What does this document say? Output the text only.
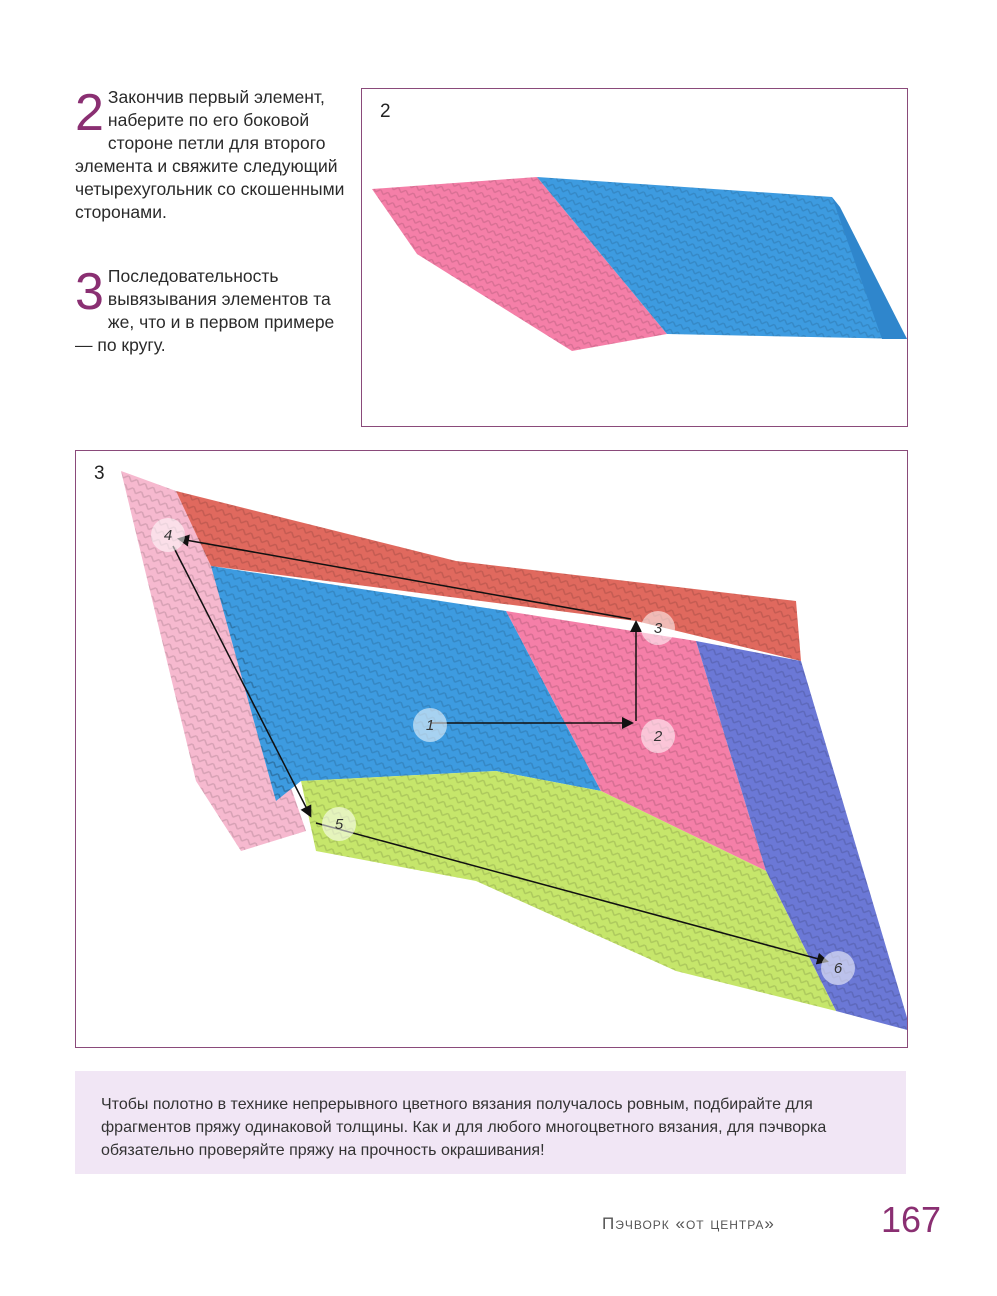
2 Закончив первый элемент, наберите по его боковой стороне петли для второго элемента и свяжите следующий четырехугольник со скошенными сторонами.
3 Последовательность вывязывания элементов та же, что и в первом примере — по кругу.
2
1
2
3
4
5
6
3
Чтобы полотно в технике непрерывного цветного вязания получалось ровным, подбирайте для фрагментов пряжу одинаковой толщины. Как и для любого многоцветного вязания, для пэчворка обязательно проверяйте пряжу на прочность окрашивания!
Пэчворк «от центра»	167
